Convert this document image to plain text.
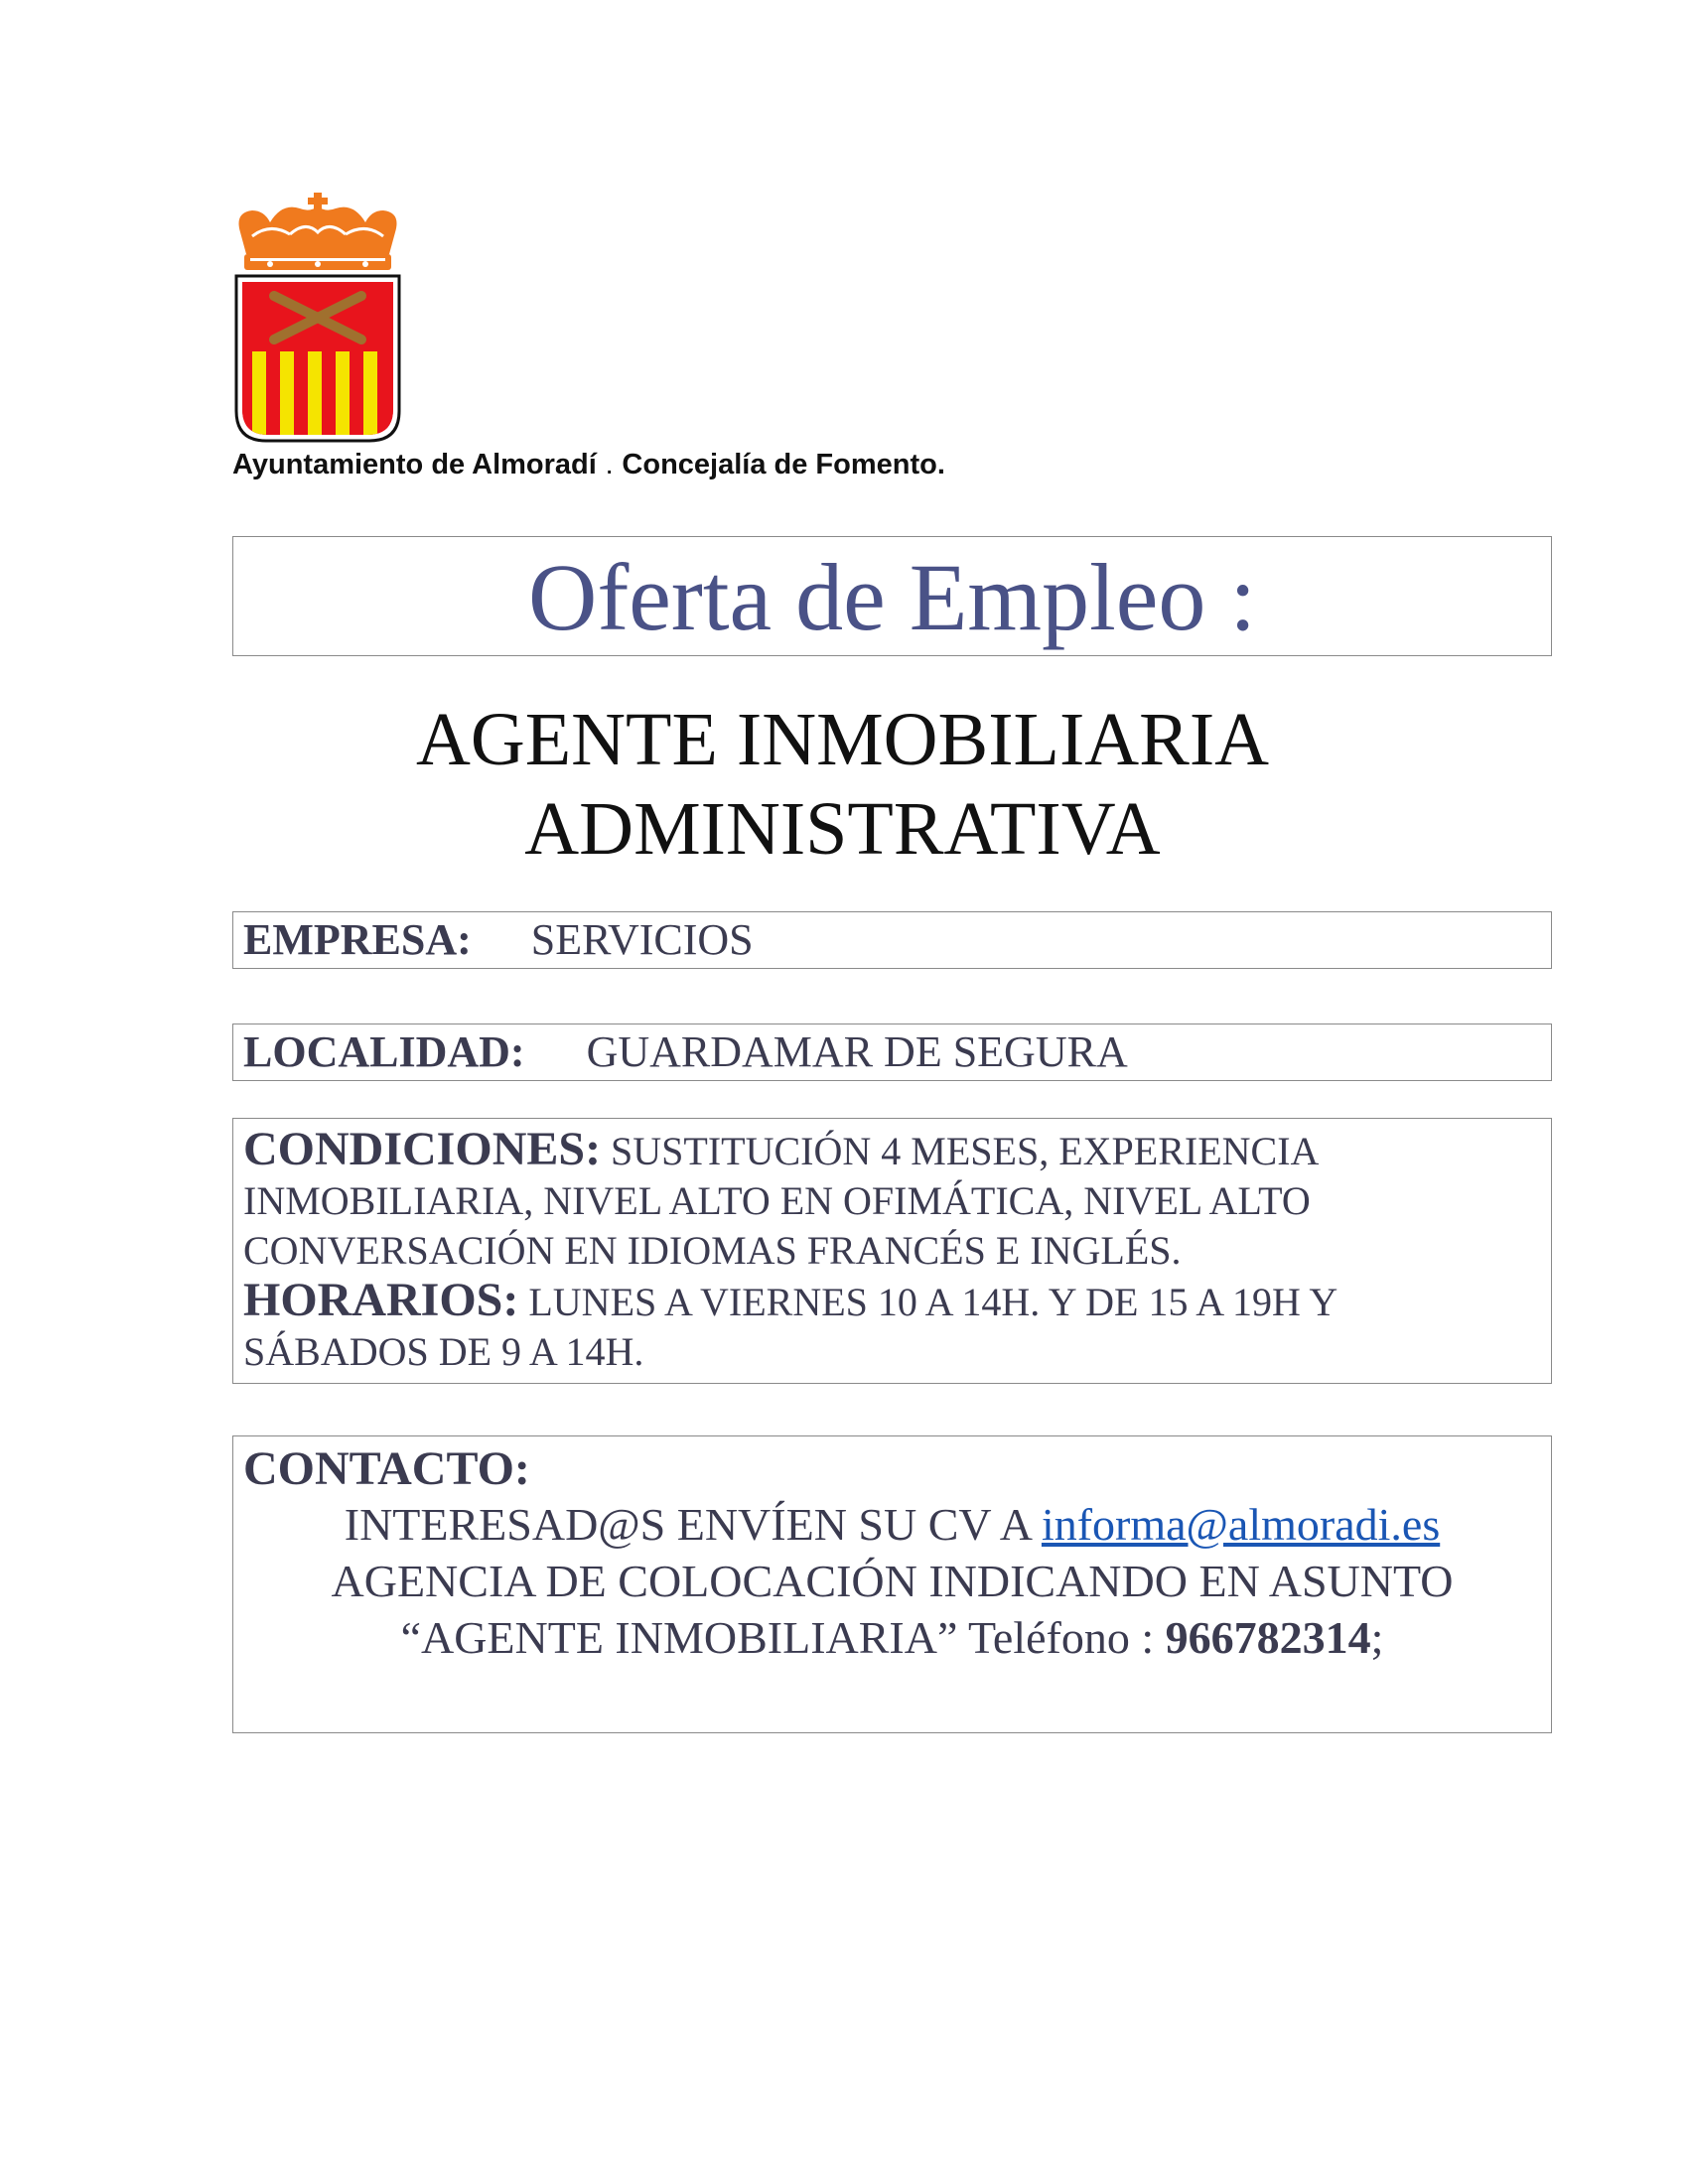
Ayuntamiento de Almoradí . Concejalía de Fomento.
Oferta de Empleo :
AGENTE INMOBILIARIA
ADMINISTRATIVA
EMPRESA: SERVICIOS
LOCALIDAD: GUARDAMAR DE SEGURA
CONDICIONES: SUSTITUCIÓN 4 MESES, EXPERIENCIA
INMOBILIARIA, NIVEL ALTO EN OFIMÁTICA, NIVEL ALTO
CONVERSACIÓN EN IDIOMAS FRANCÉS E INGLÉS.
HORARIOS: LUNES A VIERNES 10 A 14H. Y DE 15 A 19H Y
SÁBADOS DE 9 A 14H.
CONTACTO:
INTERESAD@S ENVÍEN SU CV A informa@almoradi.es
AGENCIA DE COLOCACIÓN INDICANDO EN ASUNTO
“AGENTE INMOBILIARIA” Teléfono : 966782314;
